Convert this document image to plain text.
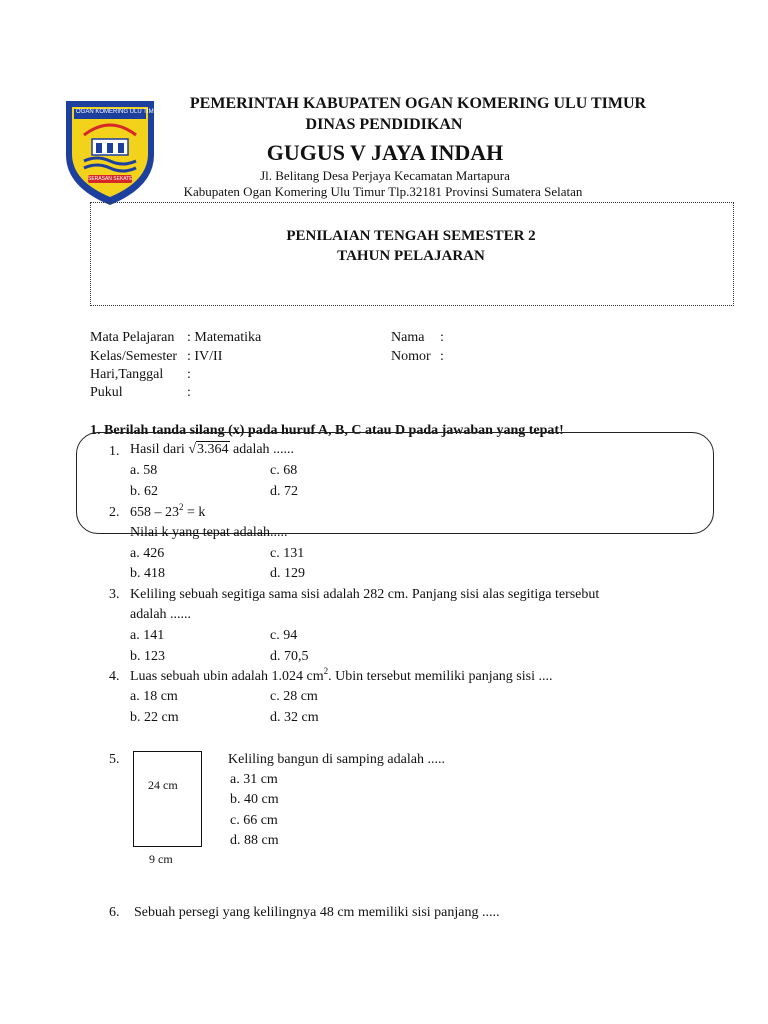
OGAN KOMERING ULU TIMUR
SERASAN SEKATE
PEMERINTAH KABUPATEN OGAN KOMERING ULU TIMUR
DINAS PENDIDIKAN
GUGUS V JAYA INDAH
Jl. Belitang Desa Perjaya Kecamatan Martapura
Kabupaten Ogan Komering Ulu Timur Tlp.32181 Provinsi Sumatera Selatan
PENILAIAN TENGAH SEMESTER 2
TAHUN PELAJARAN
Mata Pelajaran : Matematika
Kelas/Semester : IV/II
Hari,Tanggal :
Pukul	:
Nama :
Nomor :
1. Berilah tanda silang (x) pada huruf A, B, C atau D pada jawaban yang tepat!
1. Hasil dari √3.364 adalah ......
a. 58	c. 68
b. 62	d. 72
2. $658 - 23^2 = k$
Nilai k yang tepat adalah.....
a. 426	c. 131
b. 418	d. 129
3. Keliling sebuah segitiga sama sisi adalah 282 cm. Panjang sisi alas segitiga tersebut
adalah ......
a. 141	c. 94
b. 123	d. 70,5
4. Luas sebuah ubin adalah 1.024 $cm^2$. Ubin tersebut memiliki panjang sisi ....
a. 18 cm	c. 28 cm
b. 22 cm	d. 32 cm
5.
24 cm
9 cm
Keliling bangun di samping adalah .....
a. 31 cm
b. 40 cm
c. 66 cm
d. 88 cm
6. Sebuah persegi yang kelilingnya 48 cm memiliki sisi panjang .....
